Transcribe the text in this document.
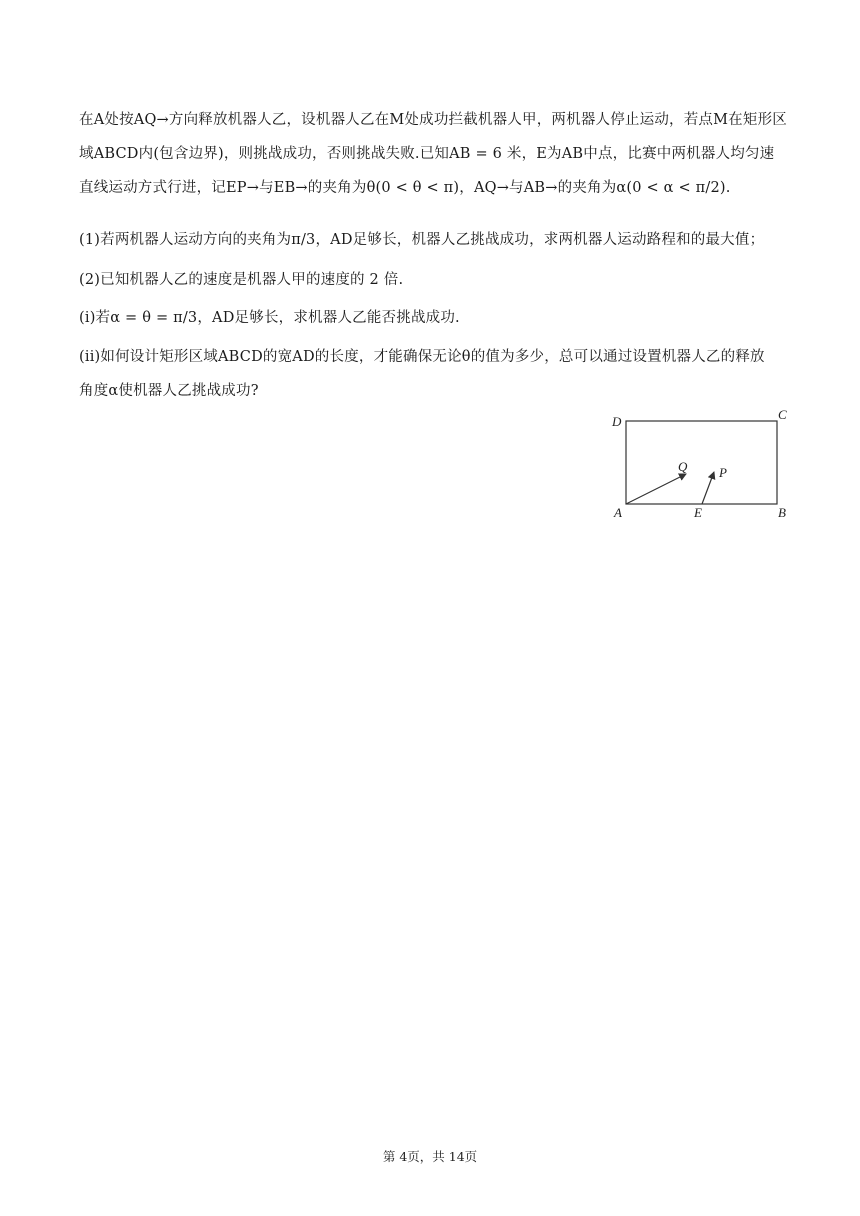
在A处按AQ→方向释放机器人乙，设机器人乙在M处成功拦截机器人甲，两机器人停止运动，若点M在矩形区
域ABCD内(包含边界)，则挑战成功，否则挑战失败.已知AB = 6 米，E为AB中点，比赛中两机器人均匀速
直线运动方式行进，记EP→与EB→的夹角为θ(0 < θ < π)，AQ→与AB→的夹角为α(0 < α < π/2).
(1)若两机器人运动方向的夹角为π/3，AD足够长，机器人乙挑战成功，求两机器人运动路程和的最大值；
(2)已知机器人乙的速度是机器人甲的速度的 2 倍.
(i)若α = θ = π/3，AD足够长，求机器人乙能否挑战成功.
(ii)如何设计矩形区域ABCD的宽AD的长度，才能确保无论θ的值为多少，总可以通过设置机器人乙的释放
角度α使机器人乙挑战成功?
D	C
A	E	B
Q P
第 4页，共 14页
